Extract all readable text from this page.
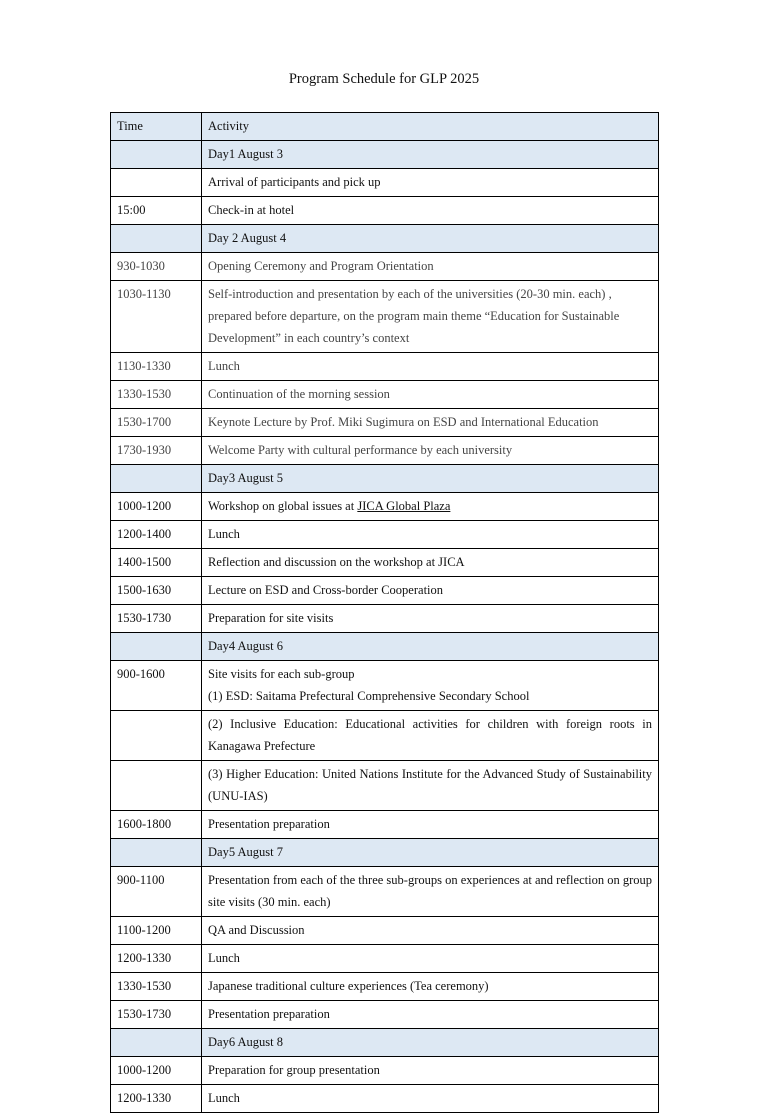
Program Schedule for GLP 2025
Time	Activity
	Day1 August 3
	Arrival of participants and pick up
15:00	Check-in at hotel
	Day 2 August 4
930-1030	Opening Ceremony and Program Orientation
1030-1130	Self-introduction and presentation by each of the universities (20-30 min. each) , prepared before departure, on the program main theme “Education for Sustainable Development” in each country’s context
1130-1330	Lunch
1330-1530	Continuation of the morning session
1530-1700	Keynote Lecture by Prof. Miki Sugimura on ESD and International Education
1730-1930	Welcome Party with cultural performance by each university
	Day3 August 5
1000-1200	Workshop on global issues at JICA Global Plaza
1200-1400	Lunch
1400-1500	Reflection and discussion on the workshop at JICA
1500-1630	Lecture on ESD and Cross-border Cooperation
1530-1730	Preparation for site visits
	Day4 August 6
900-1600	Site visits for each sub-group
(1) ESD: Saitama Prefectural Comprehensive Secondary School
	(2) Inclusive Education: Educational activities for children with foreign roots in Kanagawa Prefecture
	(3) Higher Education: United Nations Institute for the Advanced Study of Sustainability (UNU-IAS)
1600-1800	Presentation preparation
	Day5 August 7
900-1100	Presentation from each of the three sub-groups on experiences at and reflection on group site visits (30 min. each)
1100-1200	QA and Discussion
1200-1330	Lunch
1330-1530	Japanese traditional culture experiences (Tea ceremony)
1530-1730	Presentation preparation
	Day6 August 8
1000-1200	Preparation for group presentation
1200-1330	Lunch
